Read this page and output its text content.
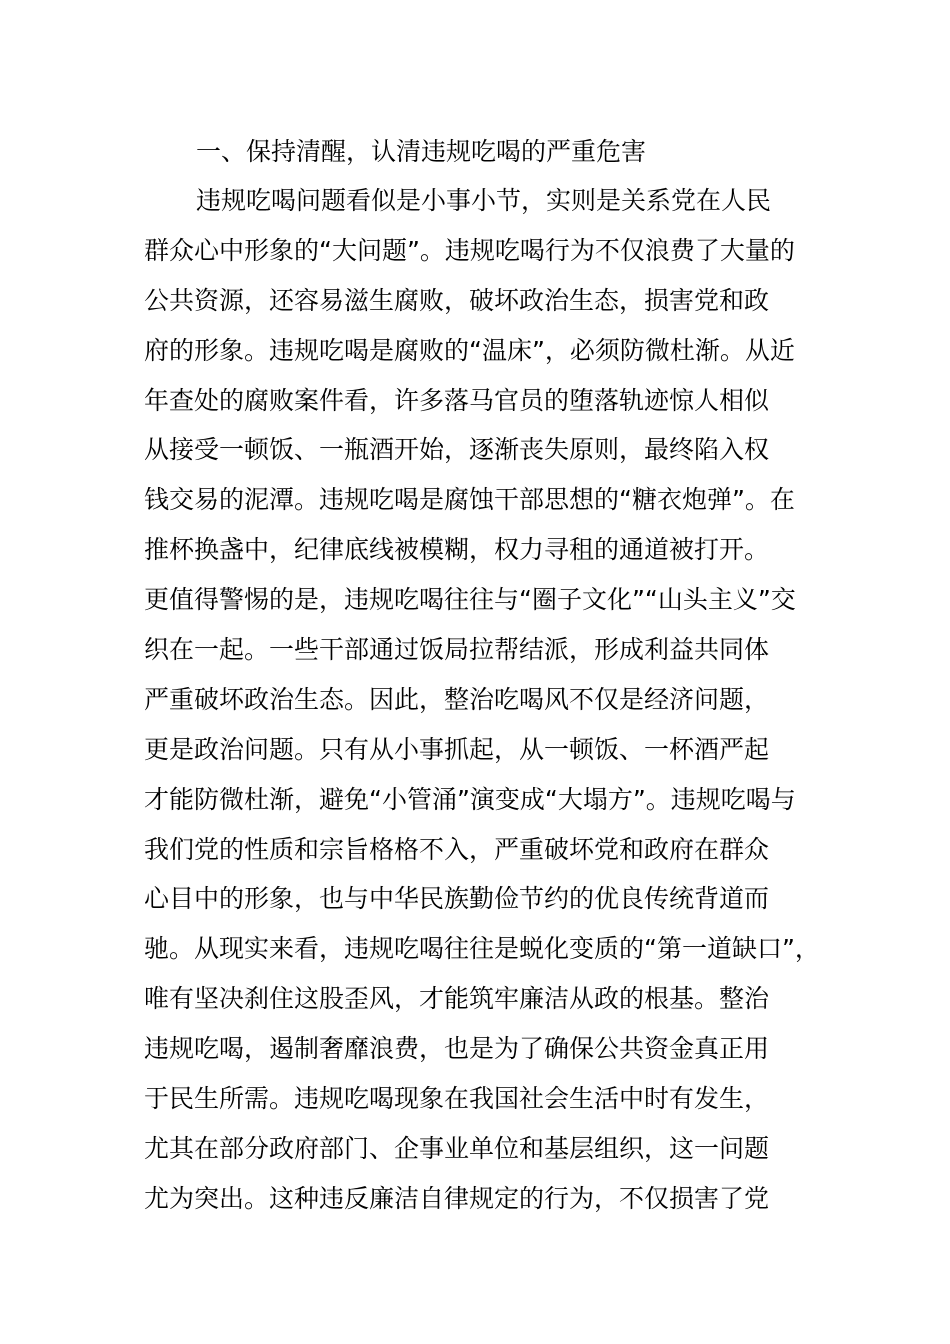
一、保持清醒，认清违规吃喝的严重危害
违规吃喝问题看似是小事小节，实则是关系党在人民
群众心中形象的“大问题”。违规吃喝行为不仅浪费了大量的
公共资源，还容易滋生腐败，破坏政治生态，损害党和政
府的形象。违规吃喝是腐败的“温床”，必须防微杜渐。从近
年查处的腐败案件看，许多落马官员的堕落轨迹惊人相似
从接受一顿饭、一瓶酒开始，逐渐丧失原则，最终陷入权
钱交易的泥潭。违规吃喝是腐蚀干部思想的“糖衣炮弹”。在
推杯换盏中，纪律底线被模糊，权力寻租的通道被打开。
更值得警惕的是，违规吃喝往往与“圈子文化”“山头主义”交
织在一起。一些干部通过饭局拉帮结派，形成利益共同体
严重破坏政治生态。因此，整治吃喝风不仅是经济问题，
更是政治问题。只有从小事抓起，从一顿饭、一杯酒严起
才能防微杜渐，避免“小管涌”演变成“大塌方”。违规吃喝与
我们党的性质和宗旨格格不入，严重破坏党和政府在群众
心目中的形象，也与中华民族勤俭节约的优良传统背道而
驰。从现实来看，违规吃喝往往是蜕化变质的“第一道缺口”，
唯有坚决刹住这股歪风，才能筑牢廉洁从政的根基。整治
违规吃喝，遏制奢靡浪费，也是为了确保公共资金真正用
于民生所需。违规吃喝现象在我国社会生活中时有发生，
尤其在部分政府部门、企事业单位和基层组织，这一问题
尤为突出。这种违反廉洁自律规定的行为，不仅损害了党
